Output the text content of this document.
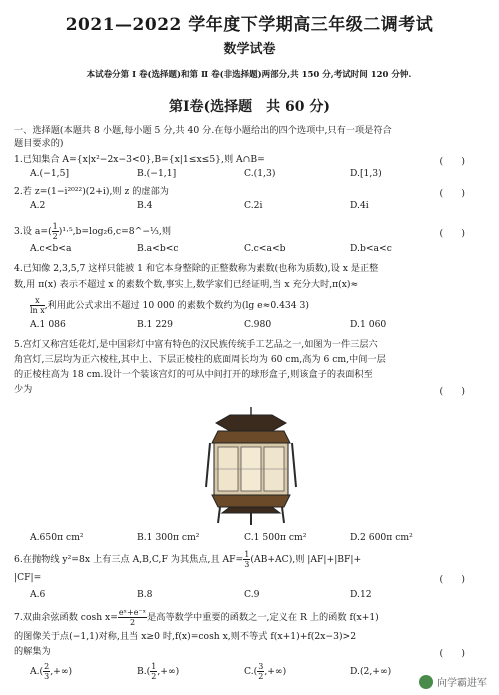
2021—2022 学年度下学期高三年级二调考试
数学试卷
本试卷分第 Ⅰ 卷(选择题)和第 Ⅱ 卷(非选择题)两部分,共 150 分,考试时间 120 分钟.
第Ⅰ卷(选择题　共 60 分)
一、选择题(本题共 8 小题,每小题 5 分,共 40 分.在每小题给出的四个选项中,只有一项是符合
题目要求的)
1.已知集合 A={x|x²−2x−3<0},B={x|1≤x≤5},则 A∩B=	(　　)
A.(−1,5]	B.(−1,1]	C.(1,3)	D.[1,3)
2.若 z=(1−i²⁰²²)(2+i),则 z 的虚部为	(　　)
A.2	B.4	C.2i	D.4i
3.设 $a=( \frac{1}{2}$ )¹·⁵,b=log₂6,c=8^−⅓,则	(　　)
A.c<b<a	B.a<b<c	C.c<a<b	D.b<a<c
4.已知像 2,3,5,7 这样只能被 1 和它本身整除的正整数称为素数(也称为质数),设 x 是正整
数,用 π(x) 表示不超过 x 的素数个数,事实上,数学家们已经证明,当 x 充分大时,π(x)≈
$\frac{x}{\text{ln x}}$ ,利用此公式求出不超过 10 000 的素数个数约为(lg e≈0.434 3)
A.1 086	B.1 229	C.980	D.1 060
5.宫灯又称宫廷花灯,是中国彩灯中富有特色的汉民族传统手工艺品之一,如图为一件三层六
角宫灯,三层均为正六棱柱,其中上、下层正棱柱的底面周长均为 60 cm,高为 6 cm,中间一层
的正棱柱高为 18 cm.设计一个装该宫灯的可从中间打开的球形盒子,则该盒子的表面积至
少为	(　　)
A.650π cm²	B.1 300π cm²	C.1 500π cm²	D.2 600π cm²
6.在抛物线 y²=8x 上有三点 A,B,C,F 为其焦点,且 $AF= \frac{1}{3} (AB+AC)$,则 |AF|+|BF|+
|CF|=	(　　)
A.6	B.8	C.9	D.12
7.双曲余弦函数 $\cosh x= \frac{\text{eˣ+e⁻ˣ}}{2}$ 是高等数学中重要的函数之一,定义在 R 上的函数 f(x+1)
的图像关于点(−1,1)对称,且当 x≥0 时,f(x)=cosh x,则不等式 f(x+1)+f(2x−3)>2
的解集为	(　　)
$A.( \frac{2}{3}$ ,+∞)	$B.( \frac{1}{2}$ ,+∞)	$C.( \frac{3}{2}$ ,+∞)	D.(2,+∞)
向学霸进军
